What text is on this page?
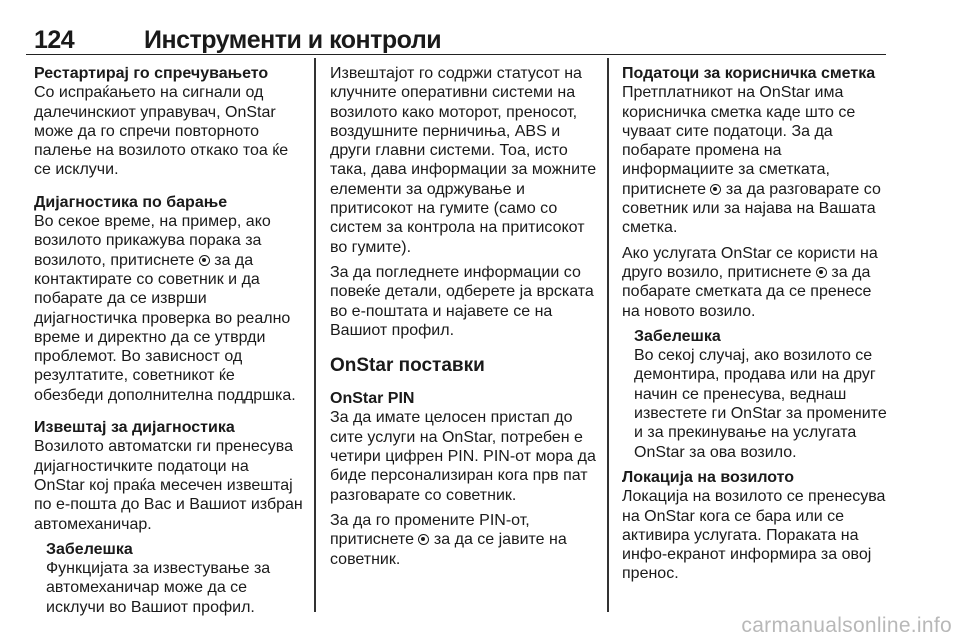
124	Инструменти и контроли
Рестартирај го спречувањето
Со испраќањето на сигнали од
далечинскиот управувач, OnStar
може да го спречи повторното
палење на возилото откако тоа ќе
се исклучи.
Дијагностика по барање
Во секое време, на пример, ако
возилото прикажува порака за
возилото, притиснете за да
контактирате со советник и да
побарате да се изврши
дијагностичка проверка во реално
време и директно да се утврди
проблемот. Во зависност од
резултатите, советникот ќе
обезбеди дополнителна поддршка.
Извештај за дијагностика
Возилото автоматски ги пренесува
дијагностичките податоци на
OnStar кој праќа месечен извештај
по е-пошта до Вас и Вашиот избран
автомеханичар.
Забелешка
Функцијата за известување за
автомеханичар може да се
исклучи во Вашиот профил.
Извештајот го содржи статусот на
клучните оперативни системи на
возилото како моторот, преносот,
воздушните перничиња, ABS и
други главни системи. Тоа, исто
така, дава информации за можните
елементи за одржување и
притисокот на гумите (само со
систем за контрола на притисокот
во гумите).
За да погледнете информации со
повеќе детали, одберете ја врската
во е-поштата и најавете се на
Вашиот профил.
OnStar поставки
OnStar PIN
За да имате целосен пристап до
сите услуги на OnStar, потребен е
четири цифрен PIN. PIN-от мора да
биде персонализиран кога прв пат
разговарате со советник.
За да го промените PIN-от,
притиснете за да се јавите на
советник.
Податоци за корисничка сметка
Претплатникот на OnStar има
корисничка сметка каде што се
чуваат сите податоци. За да
побарате промена на
информациите за сметката,
притиснете за да разговарате со
советник или за најава на Вашата
сметка.
Ако услугата OnStar се користи на
друго возило, притиснете за да
побарате сметката да се пренесе
на новото возило.
Забелешка
Во секој случај, ако возилото се
демонтира, продава или на друг
начин се пренесува, веднаш
известете ги OnStar за промените
и за прекинување на услугата
OnStar за ова возило.
Локација на возилото
Локација на возилото се пренесува
на OnStar кога се бара или се
активира услугата. Пораката на
инфо-екранот информира за овој
пренос.
carmanualsonline.info
